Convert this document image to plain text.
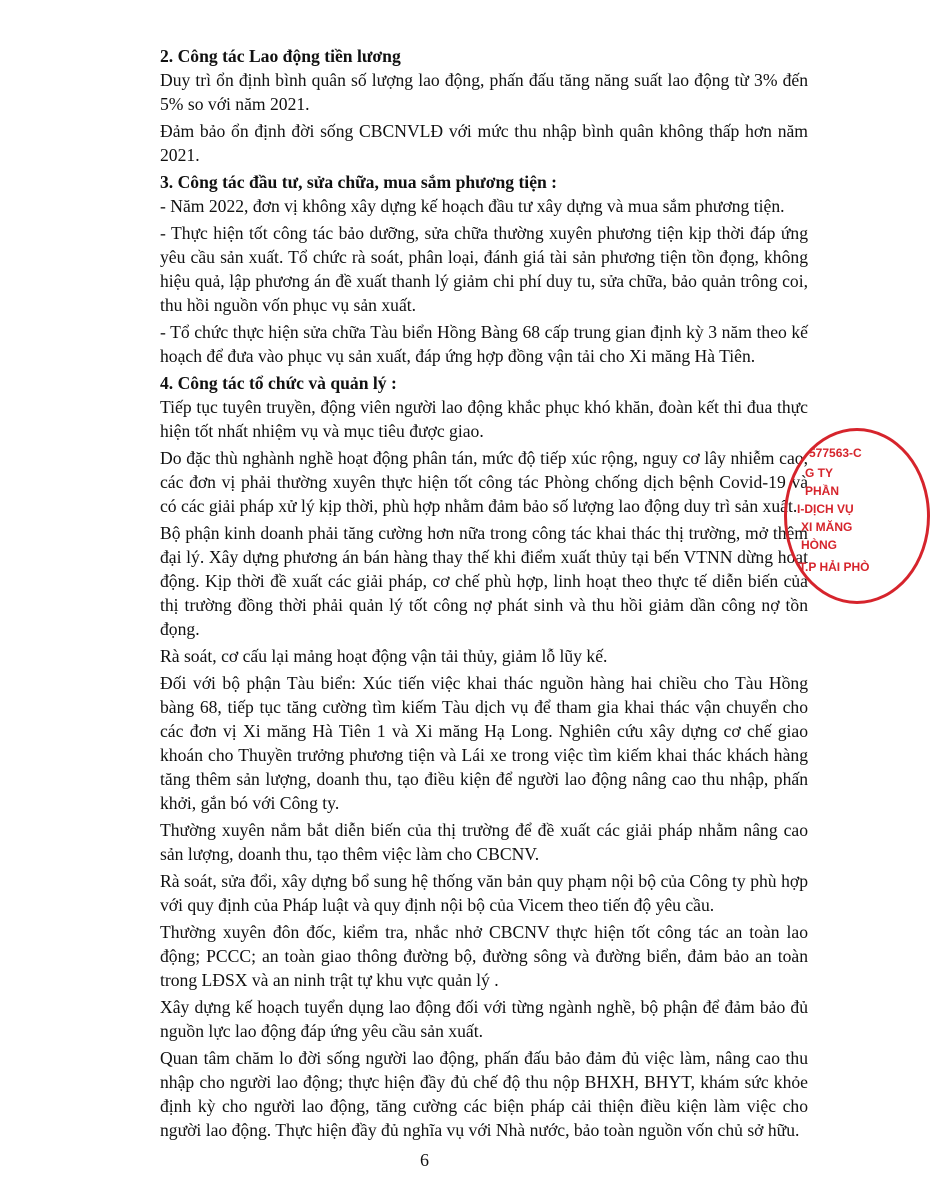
2. Công tác Lao động tiền lương

Duy trì ổn định bình quân số lượng lao động, phấn đấu tăng năng suất lao động từ 3% đến 5% so với năm 2021.

Đảm bảo ổn định đời sống CBCNVLĐ với mức thu nhập bình quân không thấp hơn năm 2021.

3. Công tác đầu tư, sửa chữa, mua sắm phương tiện :

- Năm 2022, đơn vị không xây dựng kế hoạch đầu tư xây dựng và mua sắm phương tiện.

- Thực hiện tốt công tác bảo dưỡng, sửa chữa thường xuyên phương tiện kịp thời đáp ứng yêu cầu sản xuất. Tổ chức rà soát, phân loại, đánh giá tài sản phương tiện tồn đọng, không hiệu quả, lập phương án đề xuất thanh lý giảm chi phí duy tu, sửa chữa, bảo quản trông coi, thu hồi nguồn vốn phục vụ sản xuất.

- Tổ chức thực hiện sửa chữa Tàu biển Hồng Bàng 68 cấp trung gian định kỳ 3 năm theo kế hoạch để đưa vào phục vụ sản xuất, đáp ứng hợp đồng vận tải cho Xi măng Hà Tiên.

4. Công tác tổ chức và quản lý :

Tiếp tục tuyên truyền, động viên người lao động khắc phục khó khăn, đoàn kết thi đua thực hiện tốt nhất nhiệm vụ và mục tiêu được giao.

Do đặc thù nghành nghề hoạt động phân tán, mức độ tiếp xúc rộng, nguy cơ lây nhiễm cao, các đơn vị phải thường xuyên thực hiện tốt công tác Phòng chống dịch bệnh Covid-19 và có các giải pháp xử lý kịp thời, phù hợp nhằm đảm bảo số lượng lao động duy trì sản xuất.

Bộ phận kinh doanh phải tăng cường hơn nữa trong công tác khai thác thị trường, mở thêm đại lý. Xây dựng phương án bán hàng thay thế khi điểm xuất thủy tại bến VTNN dừng hoạt động. Kịp thời đề xuất các giải pháp, cơ chế phù hợp, linh hoạt theo thực tế diễn biến của thị trường đồng thời phải quản lý tốt công nợ phát sinh và thu hồi giảm dần công nợ tồn đọng.

Rà soát, cơ cấu lại mảng hoạt động vận tải thủy, giảm lỗ lũy kế.

Đối với bộ phận Tàu biển: Xúc tiến việc khai thác nguồn hàng hai chiều cho Tàu Hồng bàng 68, tiếp tục tăng cường tìm kiếm Tàu dịch vụ để tham gia khai thác vận chuyển cho các đơn vị Xi măng Hà Tiên 1 và Xi măng Hạ Long. Nghiên cứu xây dựng cơ chế giao khoán cho Thuyền trưởng phương tiện và Lái xe trong việc tìm kiếm khai thác khách hàng tăng thêm sản lượng, doanh thu, tạo điều kiện để người lao động nâng cao thu nhập, phấn khởi, gắn bó với Công ty.

Thường xuyên nắm bắt diễn biến của thị trường để đề xuất các giải pháp nhằm nâng cao sản lượng, doanh thu, tạo thêm việc làm cho CBCNV.

Rà soát, sửa đổi, xây dựng bổ sung hệ thống văn bản quy phạm nội bộ của Công ty phù hợp với quy định của Pháp luật và quy định nội bộ của Vicem theo tiến độ yêu cầu.

Thường xuyên đôn đốc, kiểm tra, nhắc nhở CBCNV thực hiện tốt công tác an toàn lao động; PCCC; an toàn giao thông đường bộ, đường sông và đường biển, đảm bảo an toàn trong LĐSX và an ninh trật tự khu vực quản lý .

Xây dựng kế hoạch tuyển dụng lao động đối với từng ngành nghề, bộ phận để đảm bảo đủ nguồn lực lao động đáp ứng yêu cầu sản xuất.

Quan tâm chăm lo đời sống người lao động, phấn đấu bảo đảm đủ việc làm, nâng cao thu nhập cho người lao động; thực hiện đầy đủ chế độ thu nộp BHXH, BHYT, khám sức khỏe định kỳ cho người lao động, tăng cường các biện pháp cải thiện điều kiện làm việc cho người lao động. Thực hiện đầy đủ nghĩa vụ với Nhà nước, bảo toàn nguồn vốn chủ sở hữu.

6
577563-C
G TY
PHẦN
I-DỊCH VỤ
XI MĂNG
HÒNG
T.P HẢI PHÒ
